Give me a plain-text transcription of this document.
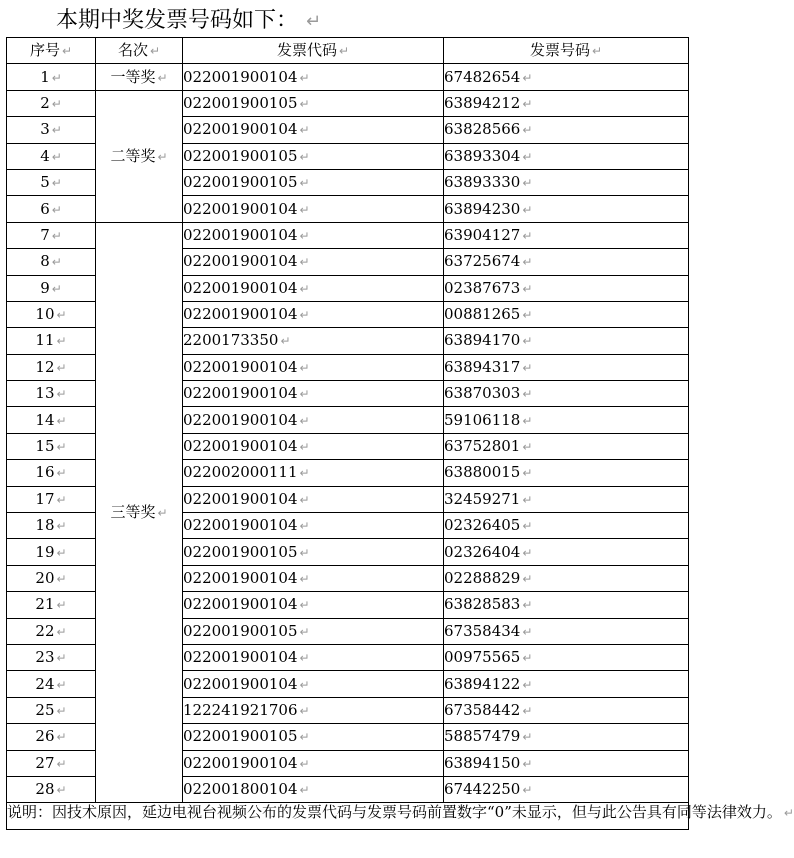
本期中奖发票号码如下： ↵
序号 ↵	名次 ↵	发票代码 ↵	发票号码 ↵
1 ↵	一等奖 ↵	022001900104 ↵	67482654 ↵
2 ↵	二等奖 ↵	022001900105 ↵	63894212 ↵
3 ↵		022001900104 ↵	63828566 ↵
4 ↵		022001900105 ↵	63893304 ↵
5 ↵		022001900105 ↵	63893330 ↵
6 ↵		022001900104 ↵	63894230 ↵
7 ↵	三等奖 ↵	022001900104 ↵	63904127 ↵
8 ↵		022001900104 ↵	63725674 ↵
9 ↵		022001900104 ↵	02387673 ↵
10 ↵		022001900104 ↵	00881265 ↵
11 ↵		2200173350 ↵	63894170 ↵
12 ↵		022001900104 ↵	63894317 ↵
13 ↵		022001900104 ↵	63870303 ↵
14 ↵		022001900104 ↵	59106118 ↵
15 ↵		022001900104 ↵	63752801 ↵
16 ↵		022002000111 ↵	63880015 ↵
17 ↵		022001900104 ↵	32459271 ↵
18 ↵		022001900104 ↵	02326405 ↵
19 ↵		022001900105 ↵	02326404 ↵
20 ↵		022001900104 ↵	02288829 ↵
21 ↵		022001900104 ↵	63828583 ↵
22 ↵		022001900105 ↵	67358434 ↵
23 ↵		022001900104 ↵	00975565 ↵
24 ↵		022001900104 ↵	63894122 ↵
25 ↵		122241921706 ↵	67358442 ↵
26 ↵		022001900105 ↵	58857479 ↵
27 ↵		022001900104 ↵	63894150 ↵
28 ↵		022001800104 ↵	67442250 ↵
说明：因技术原因，延边电视台视频公布的发票代码与发票号码前置数字“0”未显示，但与此公告具有同等法律效力。 ↵			
